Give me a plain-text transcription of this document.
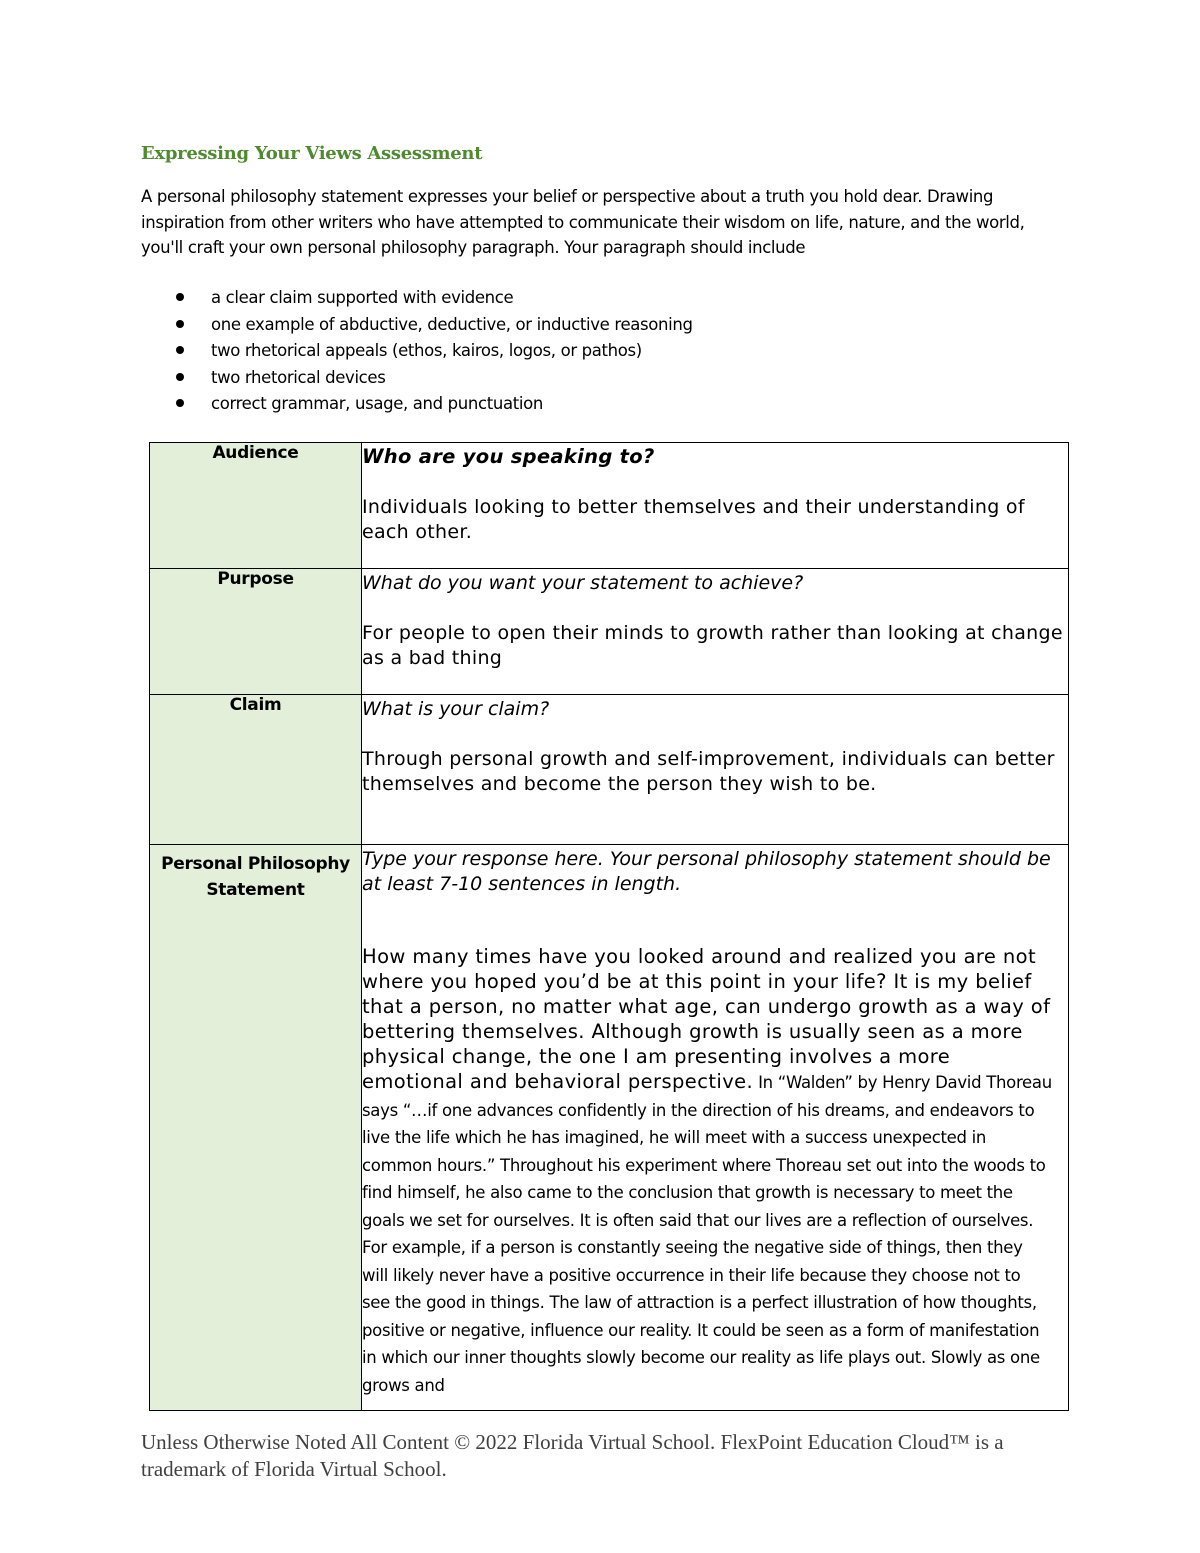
Expressing Your Views Assessment
A personal philosophy statement expresses your belief or perspective about a truth you hold dear. Drawing inspiration from other writers who have attempted to communicate their wisdom on life, nature, and the world, you'll craft your own personal philosophy paragraph. Your paragraph should include
a clear claim supported with evidence
one example of abductive, deductive, or inductive reasoning
two rhetorical appeals (ethos, kairos, logos, or pathos)
two rhetorical devices
correct grammar, usage, and punctuation
Audience	Who are you speaking to?
Individuals looking to better themselves and their understanding of each other.

Purpose	What do you want your statement to achieve?
For people to open their minds to growth rather than looking at change as a bad thing

Claim	What is your claim?
Through personal growth and self-improvement, individuals can better themselves and become the person they wish to be.

Personal Philosophy Statement	Type your response here. Your personal philosophy statement should be at least 7-10 sentences in length.
How many times have you looked around and realized you are not where you hoped you’d be at this point in your life? It is my belief that a person, no matter what age, can undergo growth as a way of bettering themselves. Although growth is usually seen as a more physical change, the one I am presenting involves a more emotional and behavioral perspective. In “Walden” by Henry David Thoreau says “…if one advances confidently in the direction of his dreams, and endeavors to live the life which he has imagined, he will meet with a success unexpected in common hours.” Throughout his experiment where Thoreau set out into the woods to find himself, he also came to the conclusion that growth is necessary to meet the goals we set for ourselves. It is often said that our lives are a reflection of ourselves. For example, if a person is constantly seeing the negative side of things, then they will likely never have a positive occurrence in their life because they choose not to see the good in things. The law of attraction is a perfect illustration of how thoughts, positive or negative, influence our reality. It could be seen as a form of manifestation in which our inner thoughts slowly become our reality as life plays out. Slowly as one grows and
Unless Otherwise Noted All Content © 2022 Florida Virtual School. FlexPoint Education Cloud™ is a trademark of Florida Virtual School.
